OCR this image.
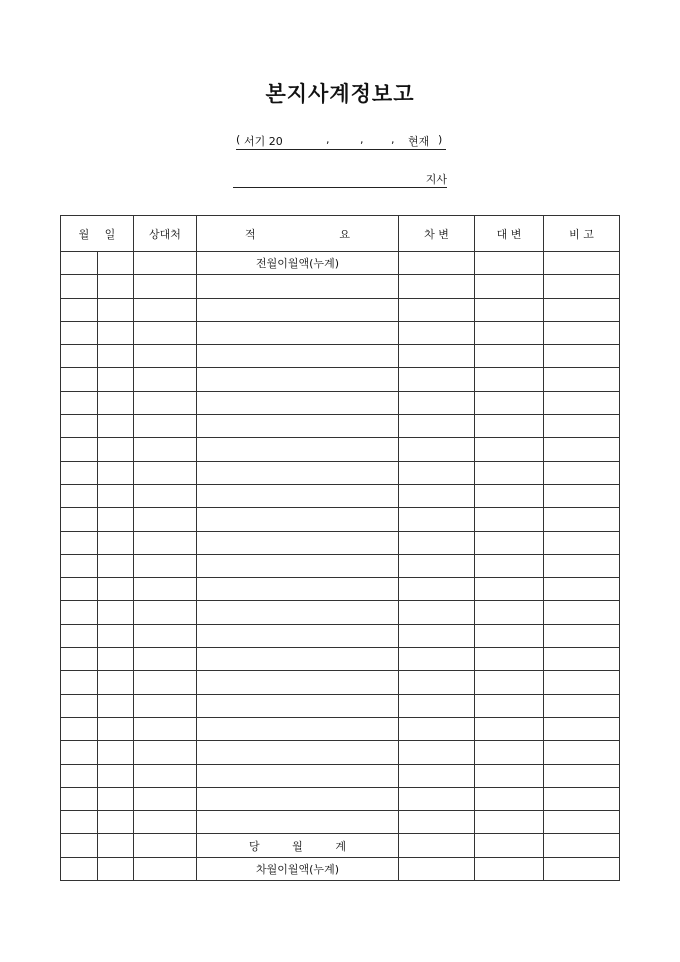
본지사계정보고
( 서기 20	,	,	, 현재 )
지사
월 일		상대처	적 요	차 변	대 변	비 고
			전월이월액(누계)			

			당 월 계			

			차월이월액(누계)			
